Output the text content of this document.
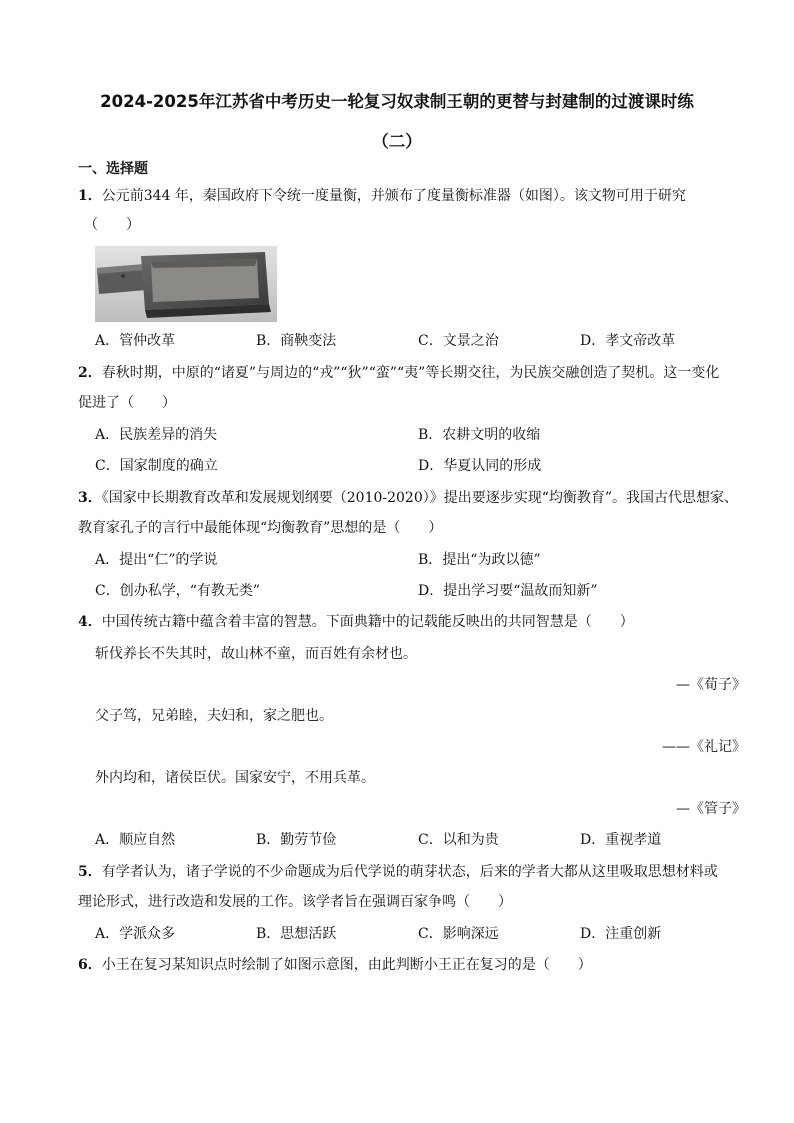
2024-2025年江苏省中考历史一轮复习奴隶制王朝的更替与封建制的过渡课时练
（二）
一、选择题
1．公元前344 年，秦国政府下令统一度量衡，并颁布了度量衡标准器（如图）。该文物可用于研究
（　　）
A．管仲改革	B．商鞅变法	C．文景之治	D．孝文帝改革
2．春秋时期，中原的“诸夏”与周边的“戎”“狄”“蛮”“夷”等长期交往，为民族交融创造了契机。这一变化
促进了（　　）
A．民族差异的消失	B．农耕文明的收缩
C．国家制度的确立	D．华夏认同的形成
3．《国家中长期教育改革和发展规划纲要（2010-2020）》提出要逐步实现“均衡教育”。我国古代思想家、
教育家孔子的言行中最能体现“均衡教育”思想的是（　　）
A．提出“仁”的学说	B．提出“为政以德”
C．创办私学，“有教无类”	D．提出学习要“温故而知新”
4．中国传统古籍中蕴含着丰富的智慧。下面典籍中的记载能反映出的共同智慧是（　　）
斩伐养长不失其时，故山林不童，而百姓有余材也。
—《荀子》
父子笃，兄弟睦，夫妇和，家之肥也。
——《礼记》
外内均和，诸侯臣伏。国家安宁，不用兵革。
—《管子》
A．顺应自然	B．勤劳节俭	C．以和为贵	D．重视孝道
5．有学者认为，诸子学说的不少命题成为后代学说的萌芽状态，后来的学者大都从这里吸取思想材料或
理论形式，进行改造和发展的工作。该学者旨在强调百家争鸣（　　）
A．学派众多	B．思想活跃	C．影响深远	D．注重创新
6．小王在复习某知识点时绘制了如图示意图，由此判断小王正在复习的是（　　）
